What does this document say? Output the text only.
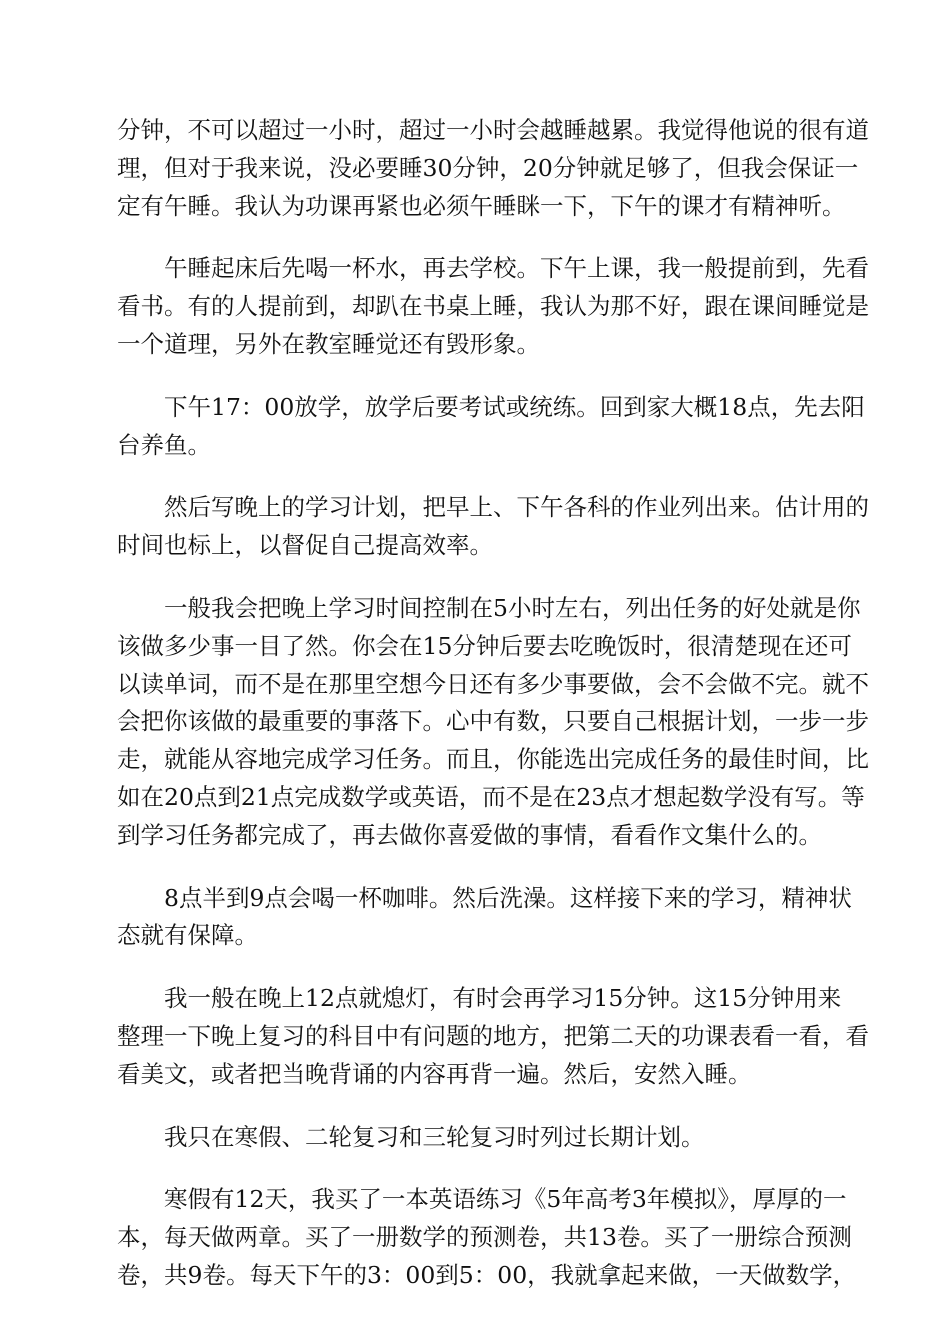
分钟，不可以超过一小时，超过一小时会越睡越累。我觉得他说的很有道
理，但对于我来说，没必要睡30分钟，20分钟就足够了，但我会保证一
定有午睡。我认为功课再紧也必须午睡眯一下，下午的课才有精神听。
午睡起床后先喝一杯水，再去学校。下午上课，我一般提前到，先看
看书。有的人提前到，却趴在书桌上睡，我认为那不好，跟在课间睡觉是
一个道理，另外在教室睡觉还有毁形象。
下午17：00放学，放学后要考试或统练。回到家大概18点，先去阳
台养鱼。
然后写晚上的学习计划，把早上、下午各科的作业列出来。估计用的
时间也标上，以督促自己提高效率。
一般我会把晚上学习时间控制在5小时左右，列出任务的好处就是你
该做多少事一目了然。你会在15分钟后要去吃晚饭时，很清楚现在还可
以读单词，而不是在那里空想今日还有多少事要做，会不会做不完。就不
会把你该做的最重要的事落下。心中有数，只要自己根据计划，一步一步
走，就能从容地完成学习任务。而且，你能选出完成任务的最佳时间，比
如在20点到21点完成数学或英语，而不是在23点才想起数学没有写。等
到学习任务都完成了，再去做你喜爱做的事情，看看作文集什么的。
8点半到9点会喝一杯咖啡。然后洗澡。这样接下来的学习，精神状
态就有保障。
我一般在晚上12点就熄灯，有时会再学习15分钟。这15分钟用来
整理一下晚上复习的科目中有问题的地方，把第二天的功课表看一看，看
看美文，或者把当晚背诵的内容再背一遍。然后，安然入睡。
我只在寒假、二轮复习和三轮复习时列过长期计划。
寒假有12天，我买了一本英语练习《5年高考3年模拟》，厚厚的一
本，每天做两章。买了一册数学的预测卷，共13卷。买了一册综合预测
卷，共9卷。每天下午的3：00到5：00，我就拿起来做，一天做数学，
